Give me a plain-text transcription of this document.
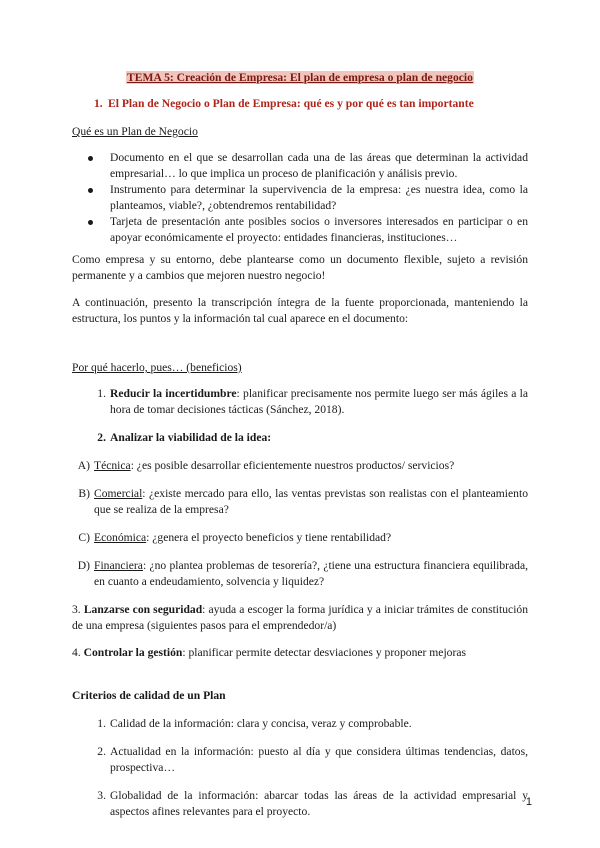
TEMA 5: Creación de Empresa: El plan de empresa o plan de negocio
1. El Plan de Negocio o Plan de Empresa: qué es y por qué es tan importante
Qué es un Plan de Negocio
Documento en el que se desarrollan cada una de las áreas que determinan la actividad empresarial… lo que implica un proceso de planificación y análisis previo.
Instrumento para determinar la supervivencia de la empresa: ¿es nuestra idea, como la planteamos, viable?, ¿obtendremos rentabilidad?
Tarjeta de presentación ante posibles socios o inversores interesados en participar o en apoyar económicamente el proyecto: entidades financieras, instituciones…

Como empresa y su entorno, debe plantearse como un documento flexible, sujeto a revisión permanente y a cambios que mejoren nuestro negocio!

A continuación, presento la transcripción íntegra de la fuente proporcionada, manteniendo la estructura, los puntos y la información tal cual aparece en el documento:

Por qué hacerlo, pues… (beneficios)
1. Reducir la incertidumbre: planificar precisamente nos permite luego ser más ágiles a la hora de tomar decisiones tácticas (Sánchez, 2018).
2. Analizar la viabilidad de la idea:
A) Técnica: ¿es posible desarrollar eficientemente nuestros productos/ servicios?
B) Comercial: ¿existe mercado para ello, las ventas previstas son realistas con el planteamiento que se realiza de la empresa?
C) Económica: ¿genera el proyecto beneficios y tiene rentabilidad?
D) Financiera: ¿no plantea problemas de tesorería?, ¿tiene una estructura financiera equilibrada, en cuanto a endeudamiento, solvencia y liquidez?

3. Lanzarse con seguridad: ayuda a escoger la forma jurídica y a iniciar trámites de constitución de una empresa (siguientes pasos para el emprendedor/a)

4. Controlar la gestión: planificar permite detectar desviaciones y proponer mejoras

Criterios de calidad de un Plan
1. Calidad de la información: clara y concisa, veraz y comprobable.
2. Actualidad en la información: puesto al día y que considera últimas tendencias, datos, prospectiva…
3. Globalidad de la información: abarcar todas las áreas de la actividad empresarial y aspectos afines relevantes para el proyecto.
1
